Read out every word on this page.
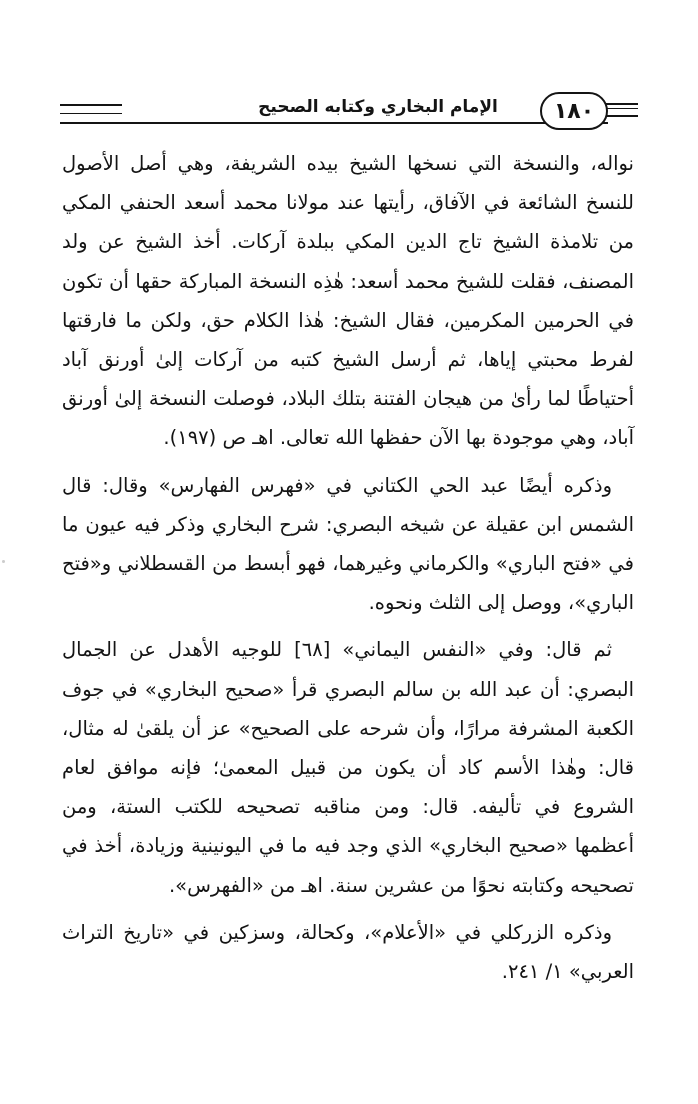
١٨٠
الإمام البخاري وكتابه الصحيح

نواله، والنسخة التي نسخها الشيخ بيده الشريفة، وهي أصل الأصول للنسخ الشائعة في الآفاق، رأيتها عند مولانا محمد أسعد الحنفي المكي من تلامذة الشيخ تاج الدين المكي ببلدة آركات. أخذ الشيخ عن ولد المصنف، فقلت للشيخ محمد أسعد: هٰذِه النسخة المباركة حقها أن تكون في الحرمين المكرمين، فقال الشيخ: هٰذا الكلام حق، ولكن ما فارقتها لفرط محبتي إياها، ثم أرسل الشيخ كتبه من آركات إلىٰ أورنق آباد أحتياطًا لما رأىٰ من هيجان الفتنة بتلك البلاد، فوصلت النسخة إلىٰ أورنق آباد، وهي موجودة بها الآن حفظها الله تعالى. اهـ ص (١٩٧).

وذكره أيضًا عبد الحي الكتاني في «فهرس الفهارس» وقال: قال الشمس ابن عقيلة عن شيخه البصري: شرح البخاري وذكر فيه عيون ما في «فتح الباري» والكرماني وغيرهما، فهو أبسط من القسطلاني و«فتح الباري»، ووصل إلى الثلث ونحوه.

ثم قال: وفي «النفس اليماني» [٦٨] للوجيه الأهدل عن الجمال البصري: أن عبد الله بن سالم البصري قرأ «صحيح البخاري» في جوف الكعبة المشرفة مرارًا، وأن شرحه على الصحيح» عز أن يلقىٰ له مثال، قال: وهٰذا الأسم كاد أن يكون من قبيل المعمىٰ؛ فإنه موافق لعام الشروع في تأليفه. قال: ومن مناقبه تصحيحه للكتب الستة، ومن أعظمها «صحيح البخاري» الذي وجد فيه ما في اليونينية وزيادة، أخذ في تصحيحه وكتابته نحوًا من عشرين سنة. اهـ من «الفهرس».

وذكره الزركلي في «الأعلام»، وكحالة، وسزكين في «تاريخ التراث العربي» ١/ ٢٤١.
